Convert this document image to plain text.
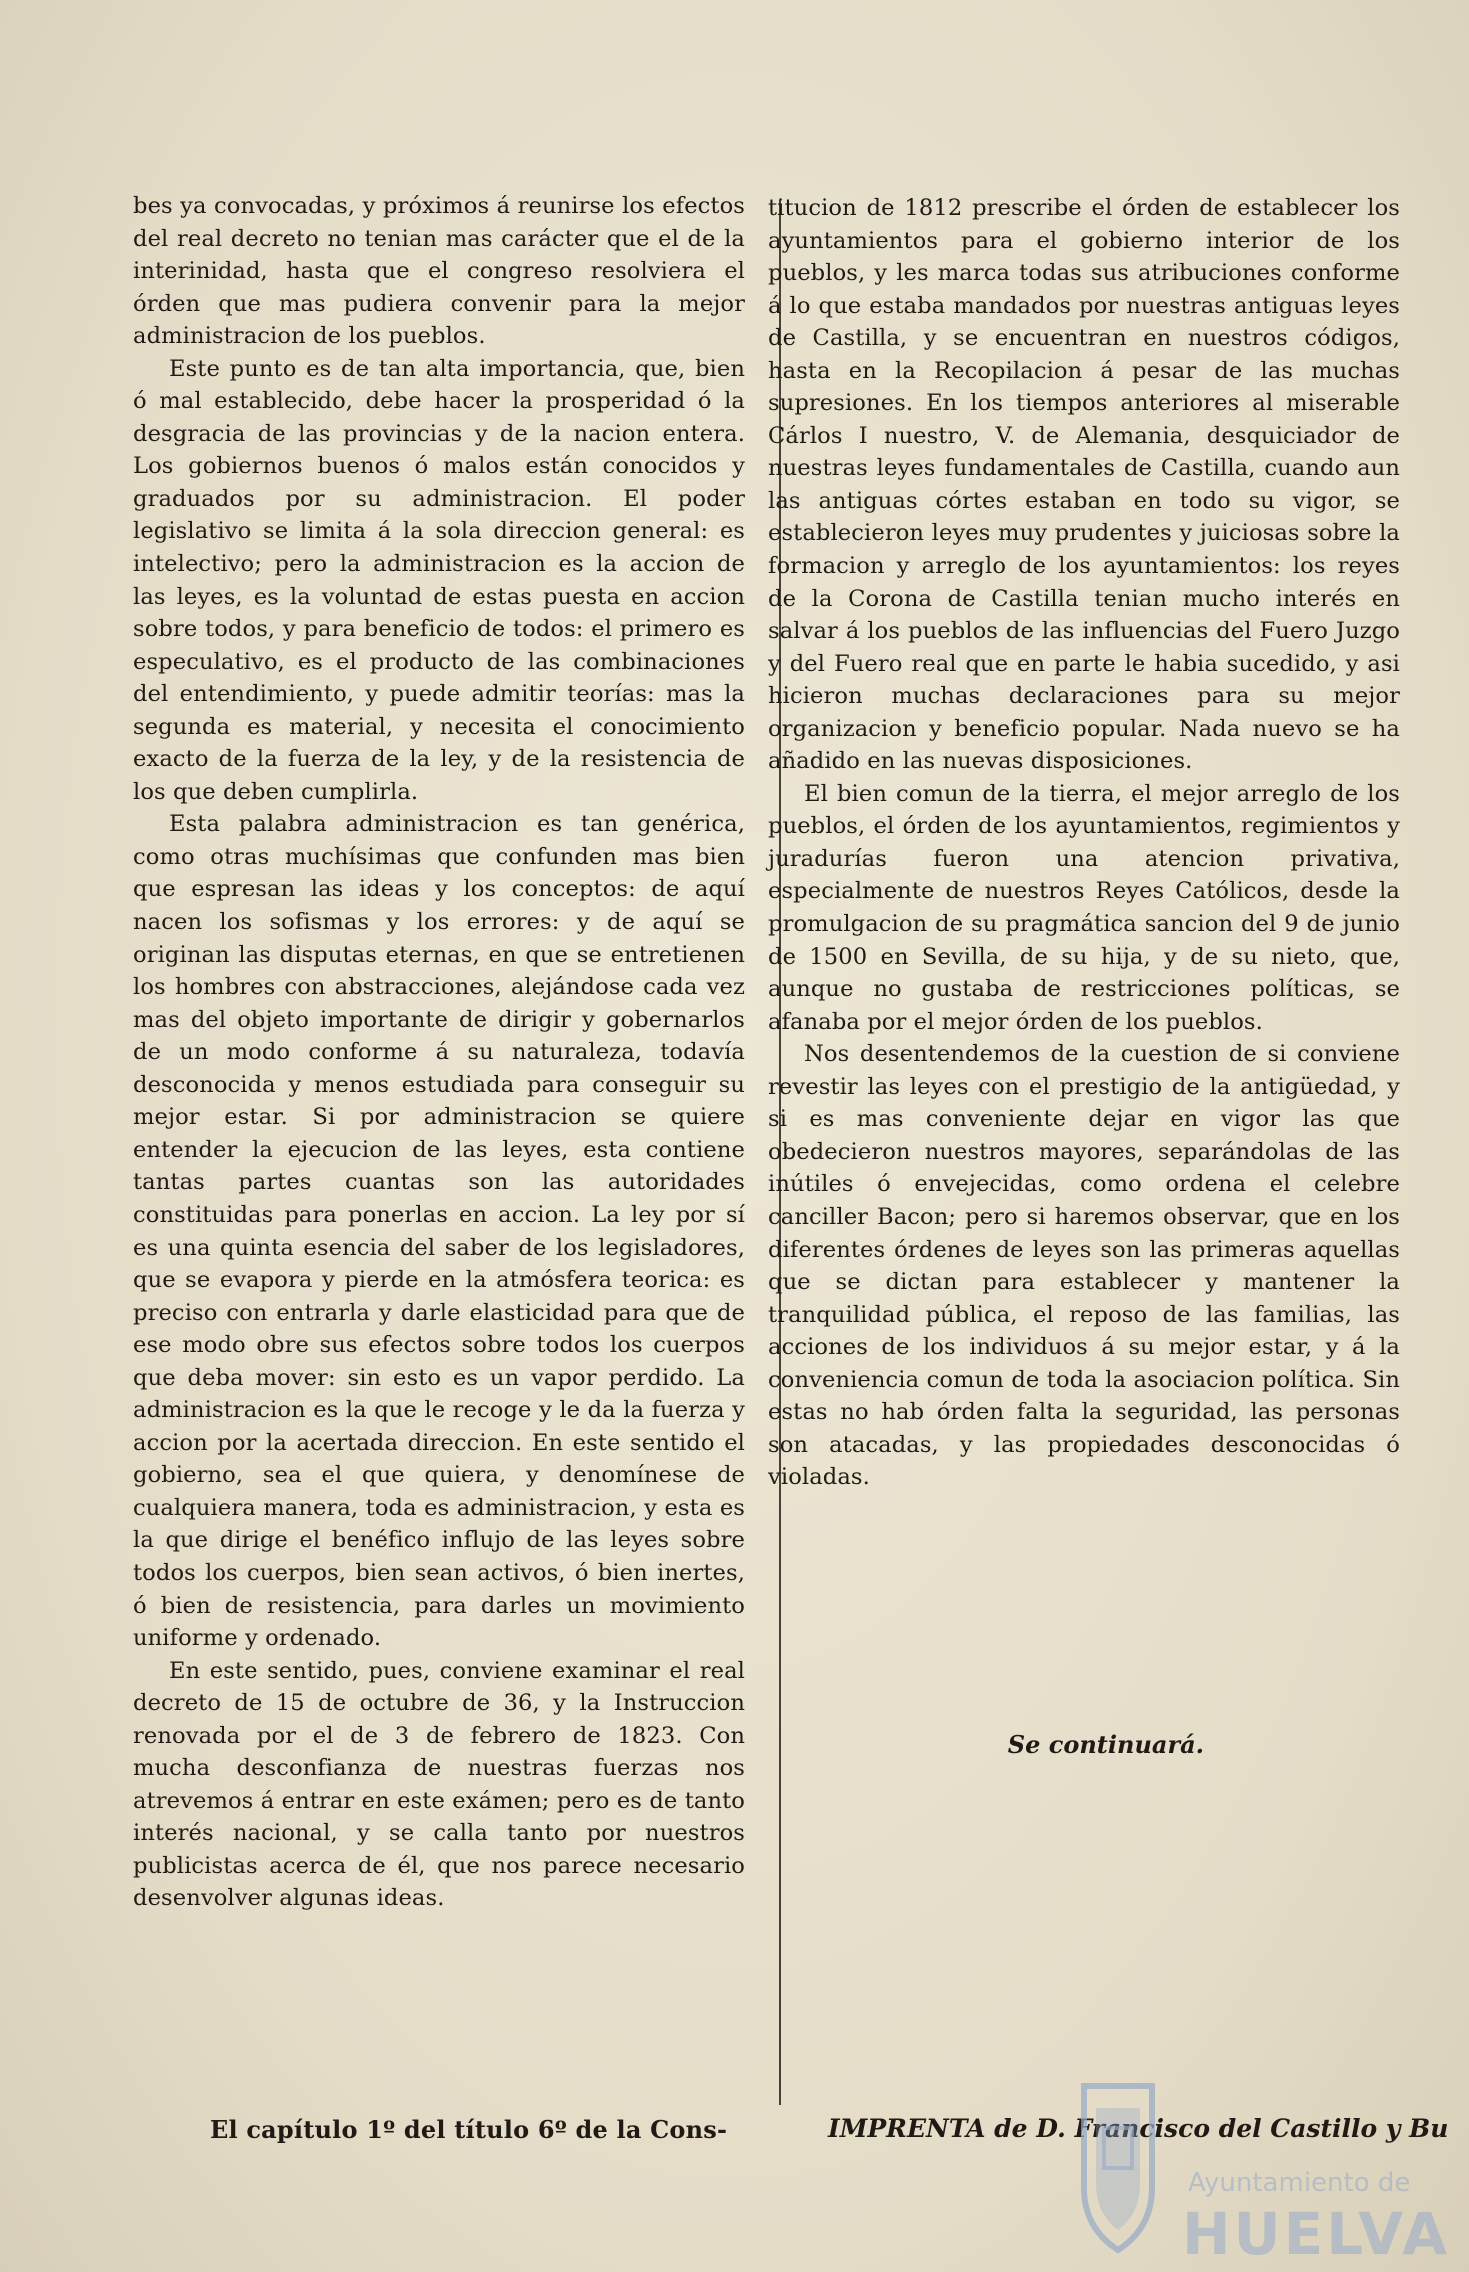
bes ya convocadas, y próximos á reunirse los efectos del real decreto no tenian mas carácter que el de la interinidad, hasta que el congreso resolviera el órden que mas pudiera convenir para la mejor administracion de los pueblos.

Este punto es de tan alta importancia, que, bien ó mal establecido, debe hacer la prosperidad ó la desgracia de las provincias y de la nacion entera. Los gobiernos buenos ó malos están conocidos y graduados por su administracion. El poder legislativo se limita á la sola direccion general: es intelectivo; pero la administracion es la accion de las leyes, es la voluntad de estas puesta en accion sobre todos, y para beneficio de todos: el primero es especulativo, es el producto de las combinaciones del entendimiento, y puede admitir teorías: mas la segunda es material, y necesita el conocimiento exacto de la fuerza de la ley, y de la resistencia de los que deben cumplirla.

Esta palabra administracion es tan genérica, como otras muchísimas que confunden mas bien que espresan las ideas y los conceptos: de aquí nacen los sofismas y los errores: y de aquí se originan las disputas eternas, en que se entretienen los hombres con abstracciones, alejándose cada vez mas del objeto importante de dirigir y gobernarlos de un modo conforme á su naturaleza, todavía desconocida y menos estudiada para conseguir su mejor estar. Si por administracion se quiere entender la ejecucion de las leyes, esta contiene tantas partes cuantas son las autoridades constituidas para ponerlas en accion. La ley por sí es una quinta esencia del saber de los legisladores, que se evapora y pierde en la atmósfera teorica: es preciso con entrarla y darle elasticidad para que de ese modo obre sus efectos sobre todos los cuerpos que deba mover: sin esto es un vapor perdido. La administracion es la que le recoge y le da la fuerza y accion por la acertada direccion. En este sentido el gobierno, sea el que quiera, y denomínese de cualquiera manera, toda es administracion, y esta es la que dirige el benéfico influjo de las leyes sobre todos los cuerpos, bien sean activos, ó bien inertes, ó bien de resistencia, para darles un movimiento uniforme y ordenado.

En este sentido, pues, conviene examinar el real decreto de 15 de octubre de 36, y la Instruccion renovada por el de 3 de febrero de 1823. Con mucha desconfianza de nuestras fuerzas nos atrevemos á entrar en este exámen; pero es de tanto interés nacional, y se calla tanto por nuestros publicistas acerca de él, que nos parece necesario desenvolver algunas ideas.

El capítulo 1º del título 6º de la Cons-

titucion de 1812 prescribe el órden de establecer los ayuntamientos para el gobierno interior de los pueblos, y les marca todas sus atribuciones conforme á lo que estaba mandados por nuestras antiguas leyes de Castilla, y se encuentran en nuestros códigos, hasta en la Recopilacion á pesar de las muchas supresiones. En los tiempos anteriores al miserable Cárlos I nuestro, V. de Alemania, desquiciador de nuestras leyes fundamentales de Castilla, cuando aun las antiguas córtes estaban en todo su vigor, se establecieron leyes muy prudentes y juiciosas sobre la formacion y arreglo de los ayuntamientos: los reyes de la Corona de Castilla tenian mucho interés en salvar á los pueblos de las influencias del Fuero Juzgo y del Fuero real que en parte le habia sucedido, y asi hicieron muchas declaraciones para su mejor organizacion y beneficio popular. Nada nuevo se ha añadido en las nuevas disposiciones.

El bien comun de la tierra, el mejor arreglo de los pueblos, el órden de los ayuntamientos, regimientos y juradurías fueron una atencion privativa, especialmente de nuestros Reyes Católicos, desde la promulgacion de su pragmática sancion del 9 de junio de 1500 en Sevilla, de su hija, y de su nieto, que, aunque no gustaba de restricciones políticas, se afanaba por el mejor órden de los pueblos.

Nos desentendemos de la cuestion de si conviene revestir las leyes con el prestigio de la antigüedad, y si es mas conveniente dejar en vigor las que obedecieron nuestros mayores, separándolas de las inútiles ó envejecidas, como ordena el celebre canciller Bacon; pero si haremos observar, que en los diferentes órdenes de leyes son las primeras aquellas que se dictan para establecer y mantener la tranquilidad pública, el reposo de las familias, las acciones de los individuos á su mejor estar, y á la conveniencia comun de toda la asociacion política. Sin estas no hab órden falta la seguridad, las personas son atacadas, y las propiedades desconocidas ó violadas.

Se continuará.
IMPRENTA de D. Francisco del Castillo y Bu
Ayuntamiento de
HUELVA
